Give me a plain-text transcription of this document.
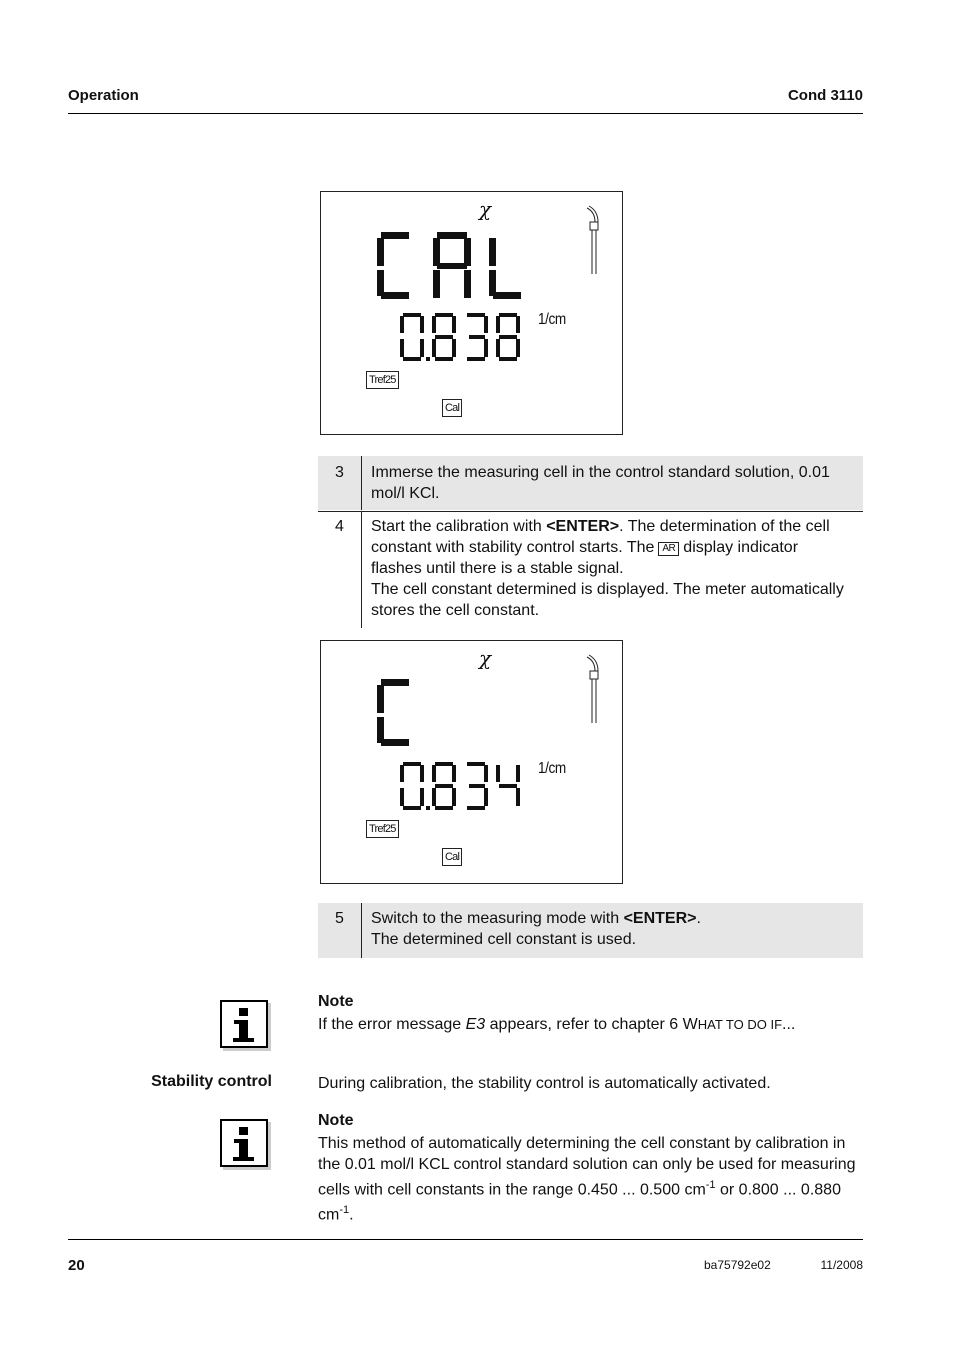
Operation	Cond 3110
χ
1/cm
Tref25
Cal
3	Immerse the measuring cell in the control standard solution, 0.01 mol/l KCl.
4	Start the calibration with <ENTER>. The determination of the cell constant with stability control starts. The AR display indicator flashes until there is a stable signal.
The cell constant determined is displayed. The meter automatically stores the cell constant.
χ
1/cm
Tref25
Cal
5	Switch to the measuring mode with <ENTER>.
The determined cell constant is used.
Note
If the error message E3 appears, refer to chapter 6 WHAT TO DO IF...
Stability control	During calibration, the stability control is automatically activated.
Note
This method of automatically determining the cell constant by calibration in the 0.01 mol/l KCL control standard solution can only be used for measuring cells with cell constants in the range 0.450 ... 0.500 $cm^{-1}$ or 0.800 ... 0.880 $cm^{-1}$.
20	ba75792e02	11/2008
